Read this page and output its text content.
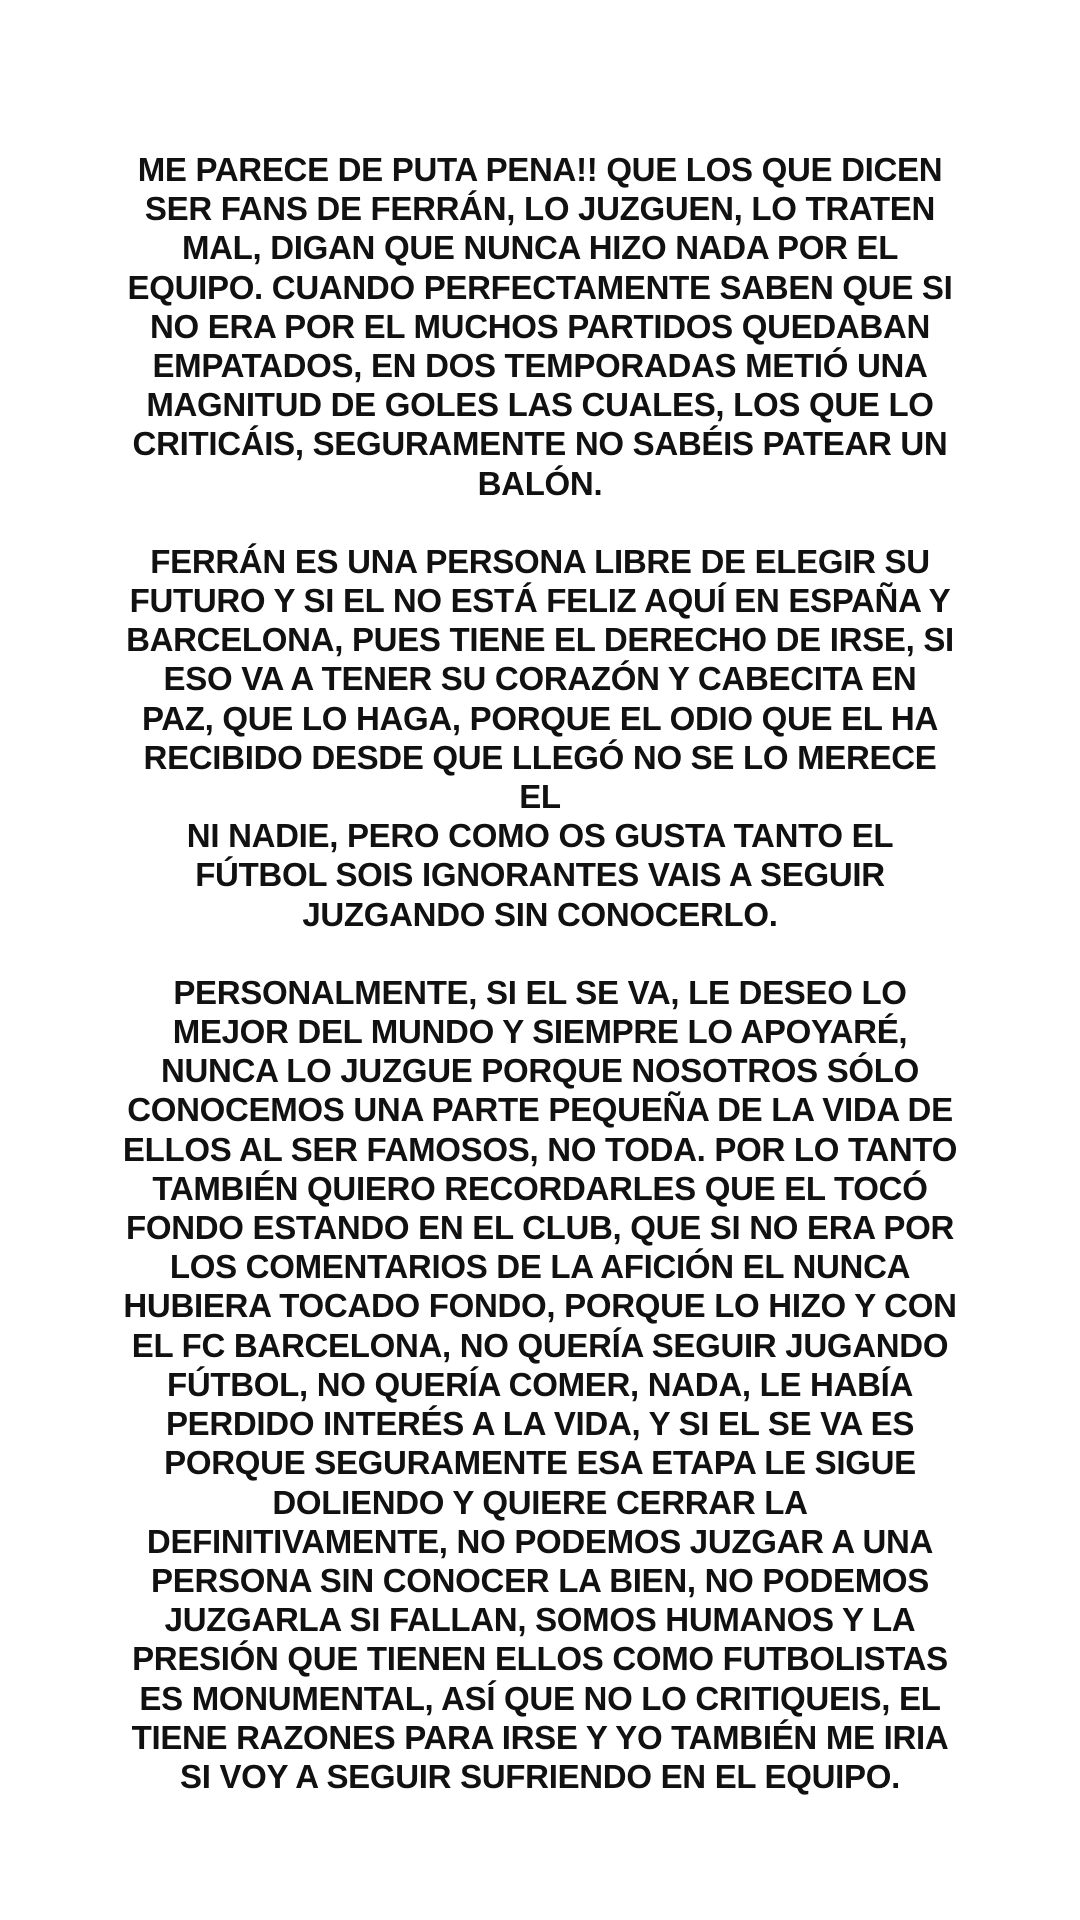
ME PARECE DE PUTA PENA!! QUE LOS QUE DICEN
SER FANS DE FERRÁN, LO JUZGUEN, LO TRATEN
MAL, DIGAN QUE NUNCA HIZO NADA POR EL
EQUIPO. CUANDO PERFECTAMENTE SABEN QUE SI
NO ERA POR EL MUCHOS PARTIDOS QUEDABAN
EMPATADOS, EN DOS TEMPORADAS METIÓ UNA
MAGNITUD DE GOLES LAS CUALES, LOS QUE LO
CRITICÁIS, SEGURAMENTE NO SABÉIS PATEAR UN
BALÓN.

FERRÁN ES UNA PERSONA LIBRE DE ELEGIR SU
FUTURO Y SI EL NO ESTÁ FELIZ AQUÍ EN ESPAÑA Y
BARCELONA, PUES TIENE EL DERECHO DE IRSE, SI
ESO VA A TENER SU CORAZÓN Y CABECITA EN
PAZ, QUE LO HAGA, PORQUE EL ODIO QUE EL HA
RECIBIDO DESDE QUE LLEGÓ NO SE LO MERECE EL
NI NADIE, PERO COMO OS GUSTA TANTO EL
FÚTBOL SOIS IGNORANTES VAIS A SEGUIR
JUZGANDO SIN CONOCERLO.

PERSONALMENTE, SI EL SE VA, LE DESEO LO
MEJOR DEL MUNDO Y SIEMPRE LO APOYARÉ,
NUNCA LO JUZGUE PORQUE NOSOTROS SÓLO
CONOCEMOS UNA PARTE PEQUEÑA DE LA VIDA DE
ELLOS AL SER FAMOSOS, NO TODA. POR LO TANTO
TAMBIÉN QUIERO RECORDARLES QUE EL TOCÓ
FONDO ESTANDO EN EL CLUB, QUE SI NO ERA POR
LOS COMENTARIOS DE LA AFICIÓN EL NUNCA
HUBIERA TOCADO FONDO, PORQUE LO HIZO Y CON
EL FC BARCELONA, NO QUERÍA SEGUIR JUGANDO
FÚTBOL, NO QUERÍA COMER, NADA, LE HABÍA
PERDIDO INTERÉS A LA VIDA, Y SI EL SE VA ES
PORQUE SEGURAMENTE ESA ETAPA LE SIGUE
DOLIENDO Y QUIERE CERRAR LA
DEFINITIVAMENTE, NO PODEMOS JUZGAR A UNA
PERSONA SIN CONOCER LA BIEN, NO PODEMOS
JUZGARLA SI FALLAN, SOMOS HUMANOS Y LA
PRESIÓN QUE TIENEN ELLOS COMO FUTBOLISTAS
ES MONUMENTAL, ASÍ QUE NO LO CRITIQUEIS, EL
TIENE RAZONES PARA IRSE Y YO TAMBIÉN ME IRIA
SI VOY A SEGUIR SUFRIENDO EN EL EQUIPO.
